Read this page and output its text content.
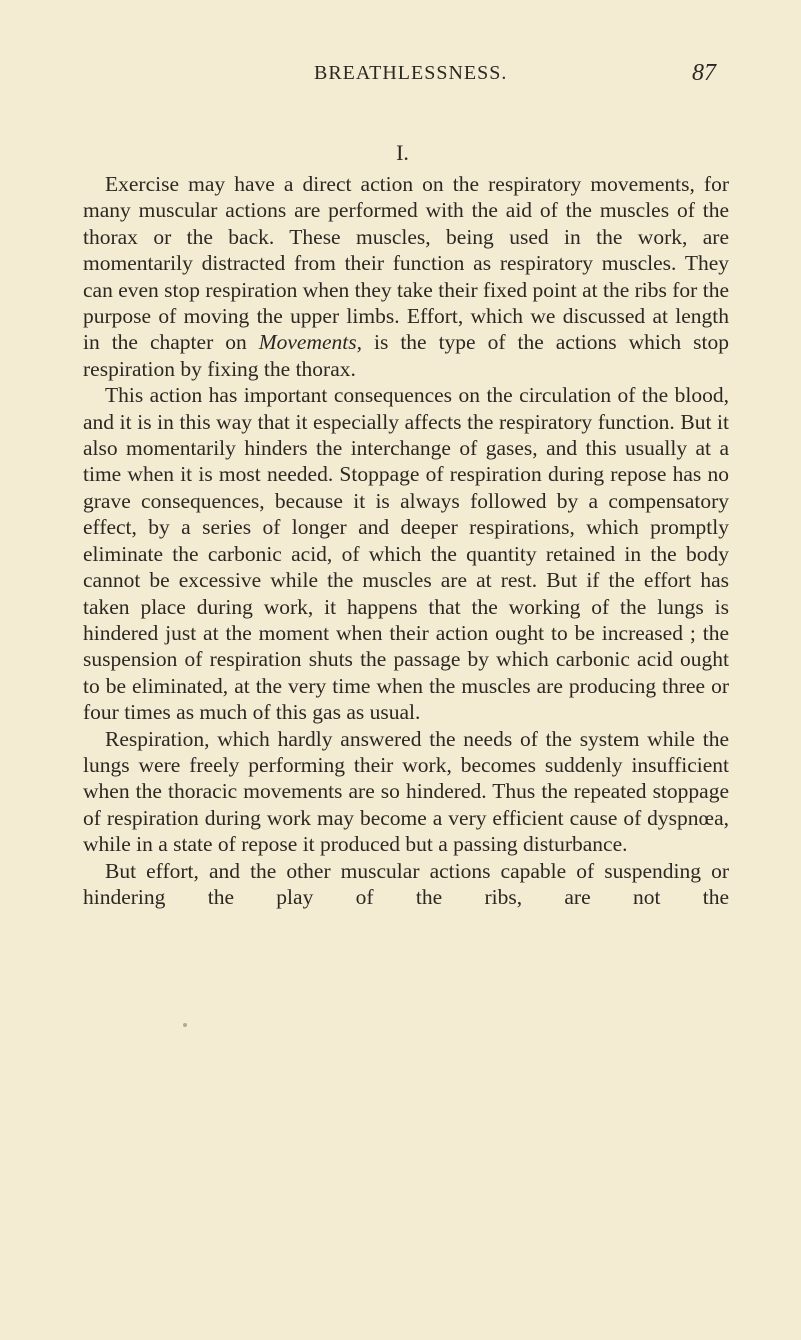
BREATHLESSNESS.	87
I.

Exercise may have a direct action on the respiratory movements, for many muscular actions are performed with the aid of the muscles of the thorax or the back. These muscles, being used in the work, are momentarily distracted from their function as respiratory muscles. They can even stop respiration when they take their fixed point at the ribs for the purpose of moving the upper limbs. Effort, which we discussed at length in the chapter on Movements, is the type of the actions which stop respiration by fixing the thorax.

This action has important consequences on the circulation of the blood, and it is in this way that it especially affects the respiratory function. But it also momentarily hinders the interchange of gases, and this usually at a time when it is most needed. Stoppage of respiration during repose has no grave consequences, because it is always followed by a compensatory effect, by a series of longer and deeper respirations, which promptly eliminate the carbonic acid, of which the quantity retained in the body cannot be excessive while the muscles are at rest. But if the effort has taken place during work, it happens that the working of the lungs is hindered just at the moment when their action ought to be increased ; the suspension of respiration shuts the passage by which carbonic acid ought to be eliminated, at the very time when the muscles are producing three or four times as much of this gas as usual.

Respiration, which hardly answered the needs of the system while the lungs were freely performing their work, becomes suddenly insufficient when the thoracic movements are so hindered. Thus the repeated stoppage of respiration during work may become a very efficient cause of dyspnœa, while in a state of repose it produced but a passing disturbance.

But effort, and the other muscular actions capable of suspending or hindering the play of the ribs, are not the
